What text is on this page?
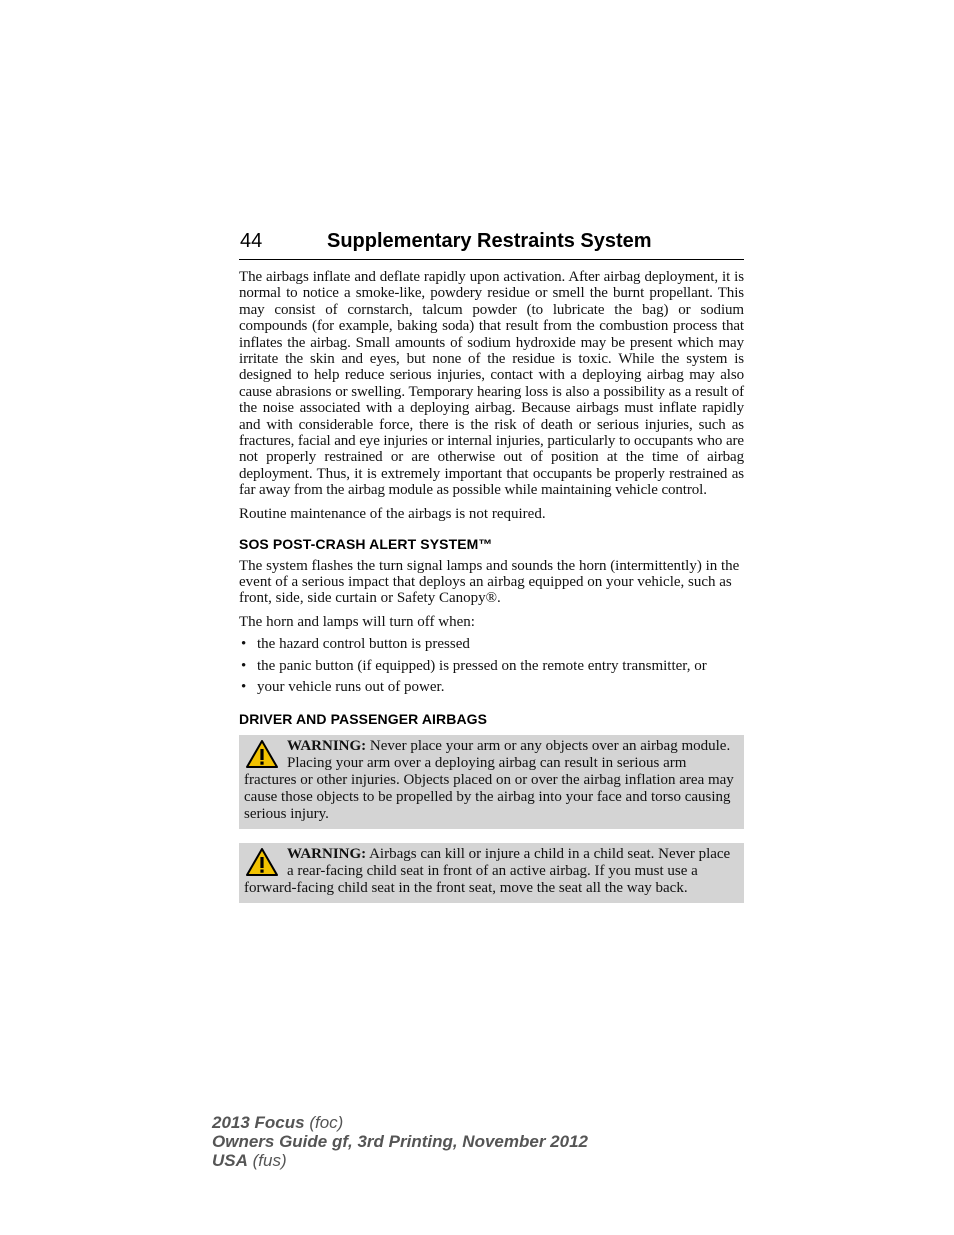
44	Supplementary Restraints System

The airbags inflate and deflate rapidly upon activation. After airbag deployment, it is normal to notice a smoke-like, powdery residue or smell the burnt propellant. This may consist of cornstarch, talcum powder (to lubricate the bag) or sodium compounds (for example, baking soda) that result from the combustion process that inflates the airbag. Small amounts of sodium hydroxide may be present which may irritate the skin and eyes, but none of the residue is toxic. While the system is designed to help reduce serious injuries, contact with a deploying airbag may also cause abrasions or swelling. Temporary hearing loss is also a possibility as a result of the noise associated with a deploying airbag. Because airbags must inflate rapidly and with considerable force, there is the risk of death or serious injuries, such as fractures, facial and eye injuries or internal injuries, particularly to occupants who are not properly restrained or are otherwise out of position at the time of airbag deployment. Thus, it is extremely important that occupants be properly restrained as far away from the airbag module as possible while maintaining vehicle control.

Routine maintenance of the airbags is not required.

SOS POST-CRASH ALERT SYSTEM™

The system flashes the turn signal lamps and sounds the horn (intermittently) in the event of a serious impact that deploys an airbag equipped on your vehicle, such as front, side, side curtain or Safety Canopy®.

The horn and lamps will turn off when:

• the hazard control button is pressed
• the panic button (if equipped) is pressed on the remote entry transmitter, or
• your vehicle runs out of power.
DRIVER AND PASSENGER AIRBAGS
WARNING: Never place your arm or any objects over an airbag module. Placing your arm over a deploying airbag can result in serious arm fractures or other injuries. Objects placed on or over the airbag inflation area may cause those objects to be propelled by the airbag into your face and torso causing serious injury.
WARNING: Airbags can kill or injure a child in a child seat. Never place a rear-facing child seat in front of an active airbag. If you must use a forward-facing child seat in the front seat, move the seat all the way back.
2013 Focus (foc)
Owners Guide gf, 3rd Printing, November 2012
USA (fus)
